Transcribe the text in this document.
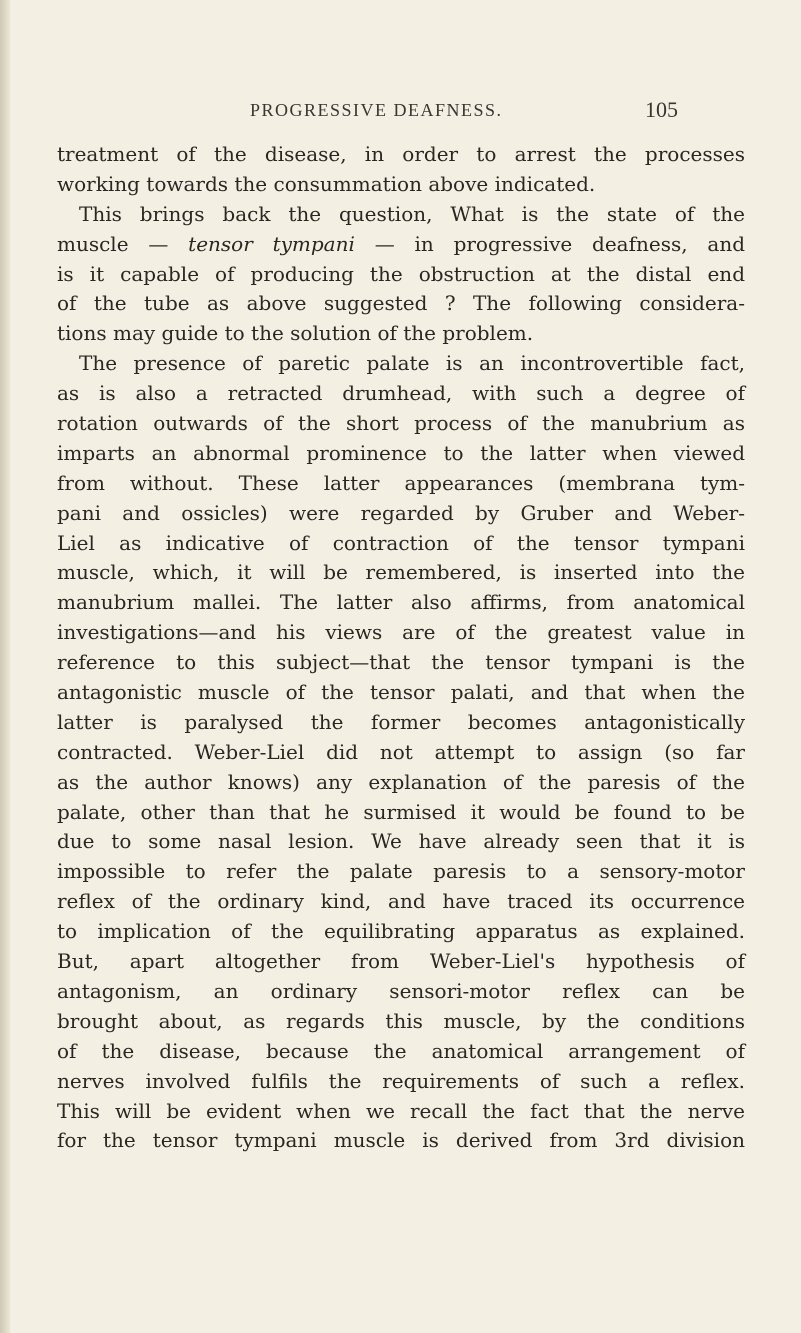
PROGRESSIVE DEAFNESS.	105
treatment of the disease, in order to arrest the processes
working towards the consummation above indicated.
This brings back the question, What is the state of the
muscle — tensor tympani — in progressive deafness, and
is it capable of producing the obstruction at the distal end
of the tube as above suggested ? The following considera-
tions may guide to the solution of the problem.
The presence of paretic palate is an incontrovertible fact,
as is also a retracted drumhead, with such a degree of
rotation outwards of the short process of the manubrium as
imparts an abnormal prominence to the latter when viewed
from without. These latter appearances (membrana tym-
pani and ossicles) were regarded by Gruber and Weber-
Liel as indicative of contraction of the tensor tympani
muscle, which, it will be remembered, is inserted into the
manubrium mallei. The latter also affirms, from anatomical
investigations—and his views are of the greatest value in
reference to this subject—that the tensor tympani is the
antagonistic muscle of the tensor palati, and that when the
latter is paralysed the former becomes antagonistically
contracted. Weber-Liel did not attempt to assign (so far
as the author knows) any explanation of the paresis of the
palate, other than that he surmised it would be found to be
due to some nasal lesion. We have already seen that it is
impossible to refer the palate paresis to a sensory-motor
reflex of the ordinary kind, and have traced its occurrence
to implication of the equilibrating apparatus as explained.
But, apart altogether from Weber-Liel's hypothesis of
antagonism, an ordinary sensori-motor reflex can be
brought about, as regards this muscle, by the conditions
of the disease, because the anatomical arrangement of
nerves involved fulfils the requirements of such a reflex.
This will be evident when we recall the fact that the nerve
for the tensor tympani muscle is derived from 3rd division
